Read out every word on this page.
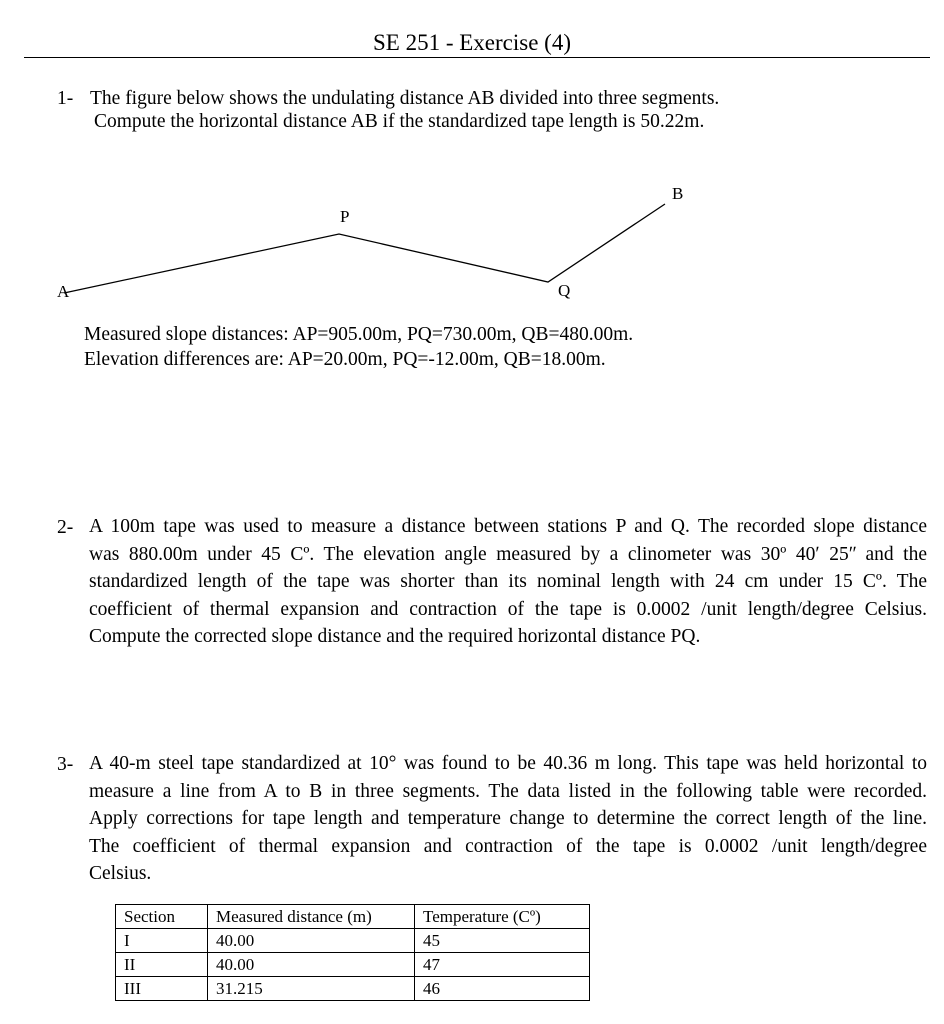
SE 251 - Exercise (4)
1- The figure below shows the undulating distance AB divided into three segments.
Compute the horizontal distance AB if the standardized tape length is 50.22m.
A
P
Q
B
Measured slope distances: AP=905.00m, PQ=730.00m, QB=480.00m.
Elevation differences are: AP=20.00m, PQ=-12.00m, QB=18.00m.
2- A 100m tape was used to measure a distance between stations P and Q. The recorded slope distance
was 880.00m under 45 Cº. The elevation angle measured by a clinometer was 30º 40ʹ 25ʺ and the
standardized length of the tape was shorter than its nominal length with 24 cm under 15 Cº. The
coefficient of thermal expansion and contraction of the tape is 0.0002 /unit length/degree Celsius.
Compute the corrected slope distance and the required horizontal distance PQ.
3- A 40-m steel tape standardized at 10° was found to be 40.36 m long. This tape was held horizontal to
measure a line from A to B in three segments. The data listed in the following table were recorded.
Apply corrections for tape length and temperature change to determine the correct length of the line.
The coefficient of thermal expansion and contraction of the tape is 0.0002 /unit length/degree
Celsius.
Section	Measured distance (m)	Temperature (Cº)
I	40.00	45
II	40.00	47
III	31.215	46
